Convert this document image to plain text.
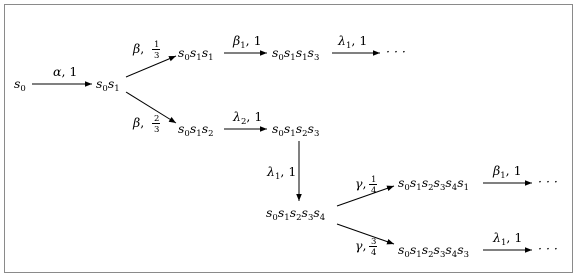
$s_0$	$s_0s_1$
$s_0s_1s_1$	$s_0s_1s_1s_3$	· · ·
$s_0s_1s_2$	$s_0s_1s_2s_3$
$s_0s_1s_2s_3s_4$
$s_0s_1s_2s_3s_4s_1$	· · ·
$s_0s_1s_2s_3s_4s_3$	· · ·
α, 1
β, 1
3
β, 2
3
$\beta_1$, 1	$\lambda_1$, 1
$\lambda_2$, 1
$\lambda_1$, 1
γ, 1
4
γ, 3
4
$\beta_1$, 1
$\lambda_1$, 1
